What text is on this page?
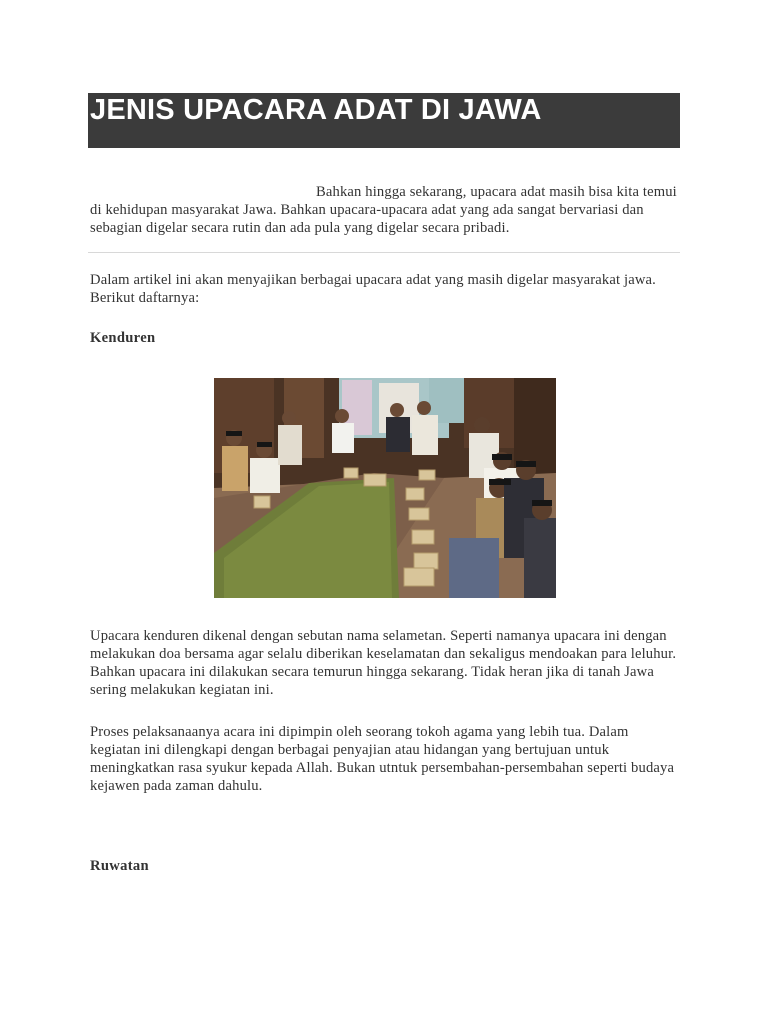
JENIS UPACARA ADAT DI JAWA

Bahkan hingga sekarang, upacara adat masih bisa kita temui di kehidupan masyarakat Jawa. Bahkan upacara-upacara adat yang ada sangat bervariasi dan sebagian digelar secara rutin dan ada pula yang digelar secara pribadi.

Dalam artikel ini akan menyajikan berbagai upacara adat yang masih digelar masyarakat jawa. Berikut daftarnya:

Kenduren

Upacara kenduren dikenal dengan sebutan nama selametan. Seperti namanya upacara ini dengan melakukan doa bersama agar selalu diberikan keselamatan dan sekaligus mendoakan para leluhur. Bahkan upacara ini dilakukan secara temurun hingga sekarang. Tidak heran jika di tanah Jawa sering melakukan kegiatan ini.

Proses pelaksanaanya acara ini dipimpin oleh seorang tokoh agama yang lebih tua. Dalam kegiatan ini dilengkapi dengan berbagai penyajian atau hidangan yang bertujuan untuk meningkatkan rasa syukur kepada Allah. Bukan utntuk persembahan-persembahan seperti budaya kejawen pada zaman dahulu.

Ruwatan
